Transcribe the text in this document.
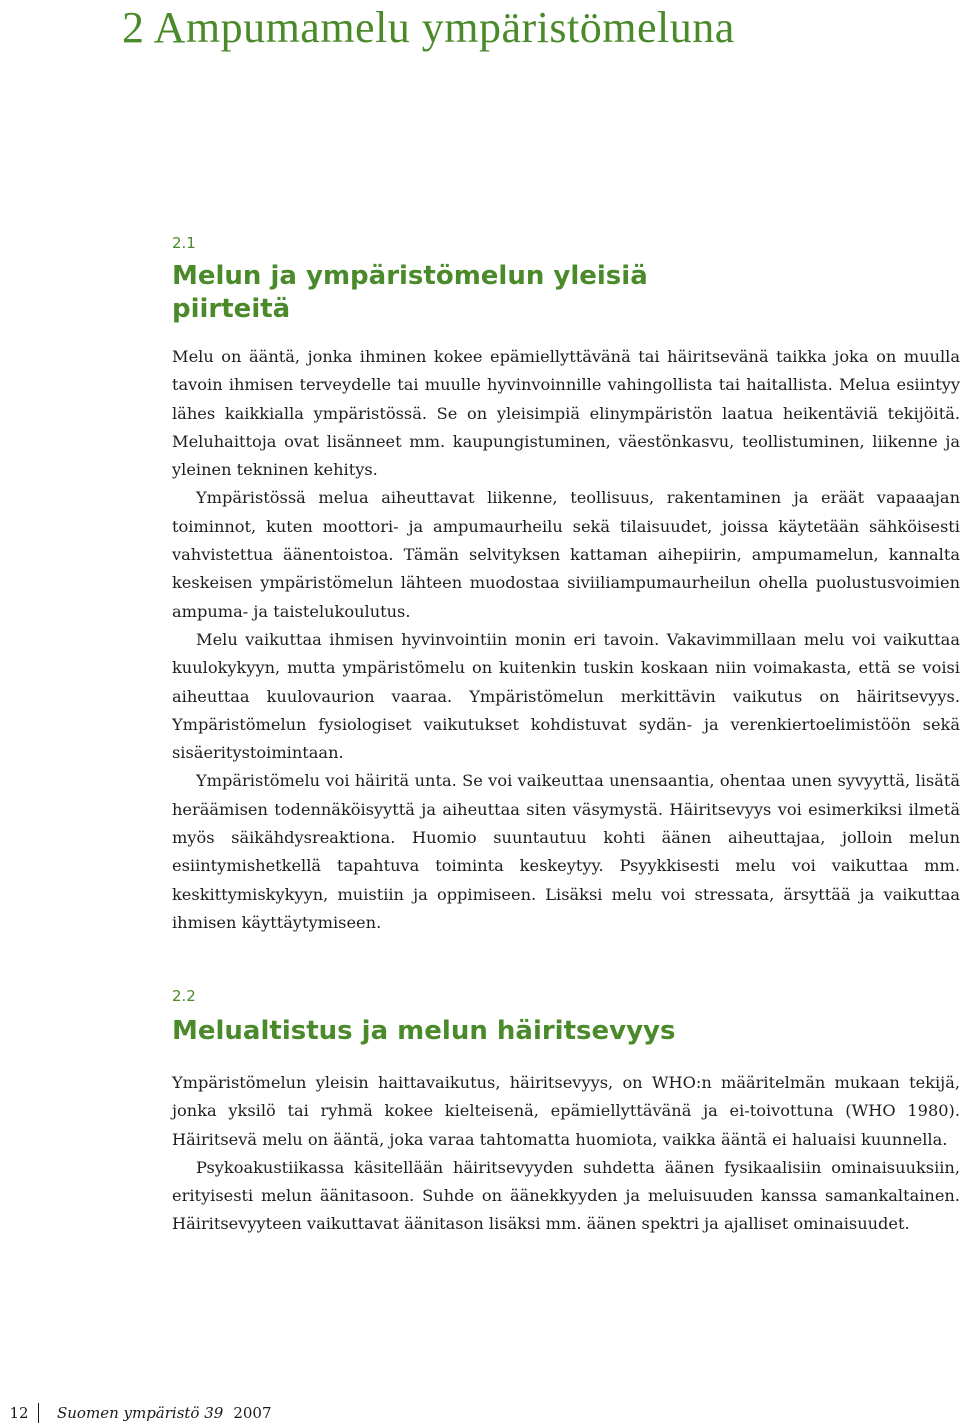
2 Ampumamelu ympäristömeluna

2.1

Melun ja ympäristömelun yleisiä
piirteitä

Melu on ääntä, jonka ihminen kokee epämiellyttävänä tai häiritsevänä taikka joka on muulla tavoin ihmisen terveydelle tai muulle hyvinvoinnille vahingollista tai haitallista. Melua esiintyy lähes kaikkialla ympäristössä. Se on yleisimpiä elinympäristön laatua heikentäviä tekijöitä. Meluhaittoja ovat lisänneet mm. kaupungistuminen, väestönkasvu, teollistuminen, liikenne ja yleinen tekninen kehitys.

Ympäristössä melua aiheuttavat liikenne, teollisuus, rakentaminen ja eräät vapaaajan toiminnot, kuten moottori- ja ampumaurheilu sekä tilaisuudet, joissa käytetään sähköisesti vahvistettua äänentoistoa. Tämän selvityksen kattaman aihepiirin, ampumamelun, kannalta keskeisen ympäristömelun lähteen muodostaa siviiliampumaurheilun ohella puolustusvoimien ampuma- ja taistelukoulutus.

Melu vaikuttaa ihmisen hyvinvointiin monin eri tavoin. Vakavimmillaan melu voi vaikuttaa kuulokykyyn, mutta ympäristömelu on kuitenkin tuskin koskaan niin voimakasta, että se voisi aiheuttaa kuulovaurion vaaraa. Ympäristömelun merkittävin vaikutus on häiritsevyys. Ympäristömelun fysiologiset vaikutukset kohdistuvat sydän- ja verenkiertoelimistöön sekä sisäeritystoimintaan.

Ympäristömelu voi häiritä unta. Se voi vaikeuttaa unensaantia, ohentaa unen syvyyttä, lisätä heräämisen todennäköisyyttä ja aiheuttaa siten väsymystä. Häiritsevyys voi esimerkiksi ilmetä myös säikähdysreaktiona. Huomio suuntautuu kohti äänen aiheuttajaa, jolloin melun esiintymishetkellä tapahtuva toiminta keskeytyy. Psyykkisesti melu voi vaikuttaa mm. keskittymiskykyyn, muistiin ja oppimiseen. Lisäksi melu voi stressata, ärsyttää ja vaikuttaa ihmisen käyttäytymiseen.

2.2

Melualtistus ja melun häiritsevyys

Ympäristömelun yleisin haittavaikutus, häiritsevyys, on WHO:n määritelmän mukaan tekijä, jonka yksilö tai ryhmä kokee kielteisenä, epämiellyttävänä ja ei-toivottuna (WHO 1980). Häiritsevä melu on ääntä, joka varaa tahtomatta huomiota, vaikka ääntä ei haluaisi kuunnella.

Psykoakustiikassa käsitellään häiritsevyyden suhdetta äänen fysikaalisiin ominaisuuksiin, erityisesti melun äänitasoon. Suhde on äänekkyyden ja meluisuuden kanssa samankaltainen. Häiritsevyyteen vaikuttavat äänitason lisäksi mm. äänen spektri ja ajalliset ominaisuudet.

12	Suomen ympäristö 39 2007
